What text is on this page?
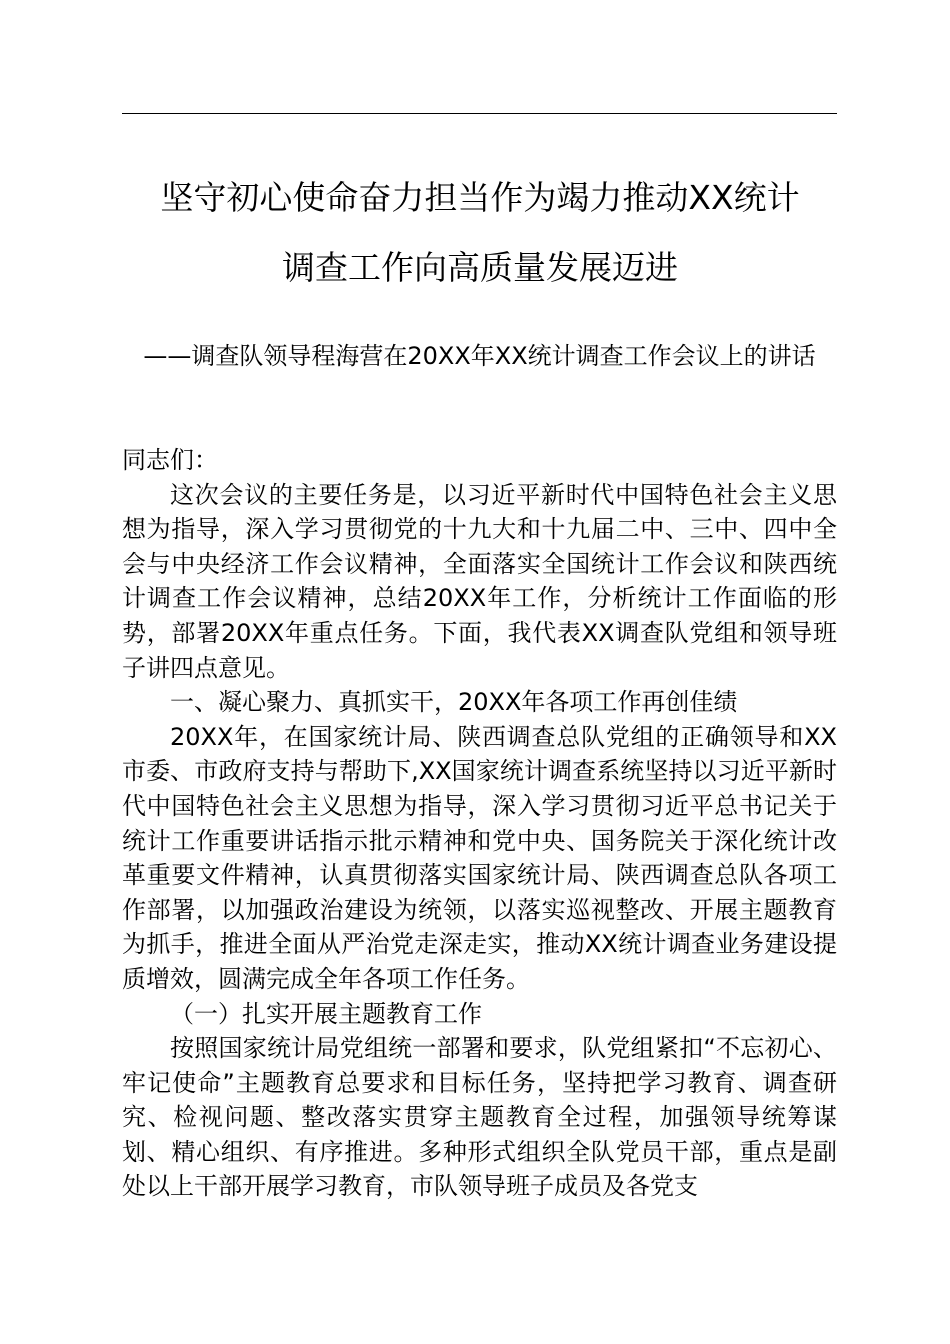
坚守初心使命奋力担当作为竭力推动XX统计
调查工作向高质量发展迈进

——调查队领导程海营在20XX年XX统计调查工作会议上的讲话

同志们：

这次会议的主要任务是，以习近平新时代中国特色社会主义思想为指导，深入学习贯彻党的十九大和十九届二中、三中、四中全会与中央经济工作会议精神，全面落实全国统计工作会议和陕西统计调查工作会议精神，总结20XX年工作，分析统计工作面临的形势，部署20XX年重点任务。下面，我代表XX调查队党组和领导班子讲四点意见。

一、凝心聚力、真抓实干，20XX年各项工作再创佳绩

20XX年，在国家统计局、陕西调查总队党组的正确领导和XX市委、市政府支持与帮助下,XX国家统计调查系统坚持以习近平新时代中国特色社会主义思想为指导，深入学习贯彻习近平总书记关于统计工作重要讲话指示批示精神和党中央、国务院关于深化统计改革重要文件精神，认真贯彻落实国家统计局、陕西调查总队各项工作部署，以加强政治建设为统领，以落实巡视整改、开展主题教育为抓手，推进全面从严治党走深走实，推动XX统计调查业务建设提质增效，圆满完成全年各项工作任务。

（一）扎实开展主题教育工作

按照国家统计局党组统一部署和要求，队党组紧扣“不忘初心、牢记使命”主题教育总要求和目标任务，坚持把学习教育、调查研究、检视问题、整改落实贯穿主题教育全过程，加强领导统筹谋划、精心组织、有序推进。多种形式组织全队党员干部，重点是副处以上干部开展学习教育，市队领导班子成员及各党支
